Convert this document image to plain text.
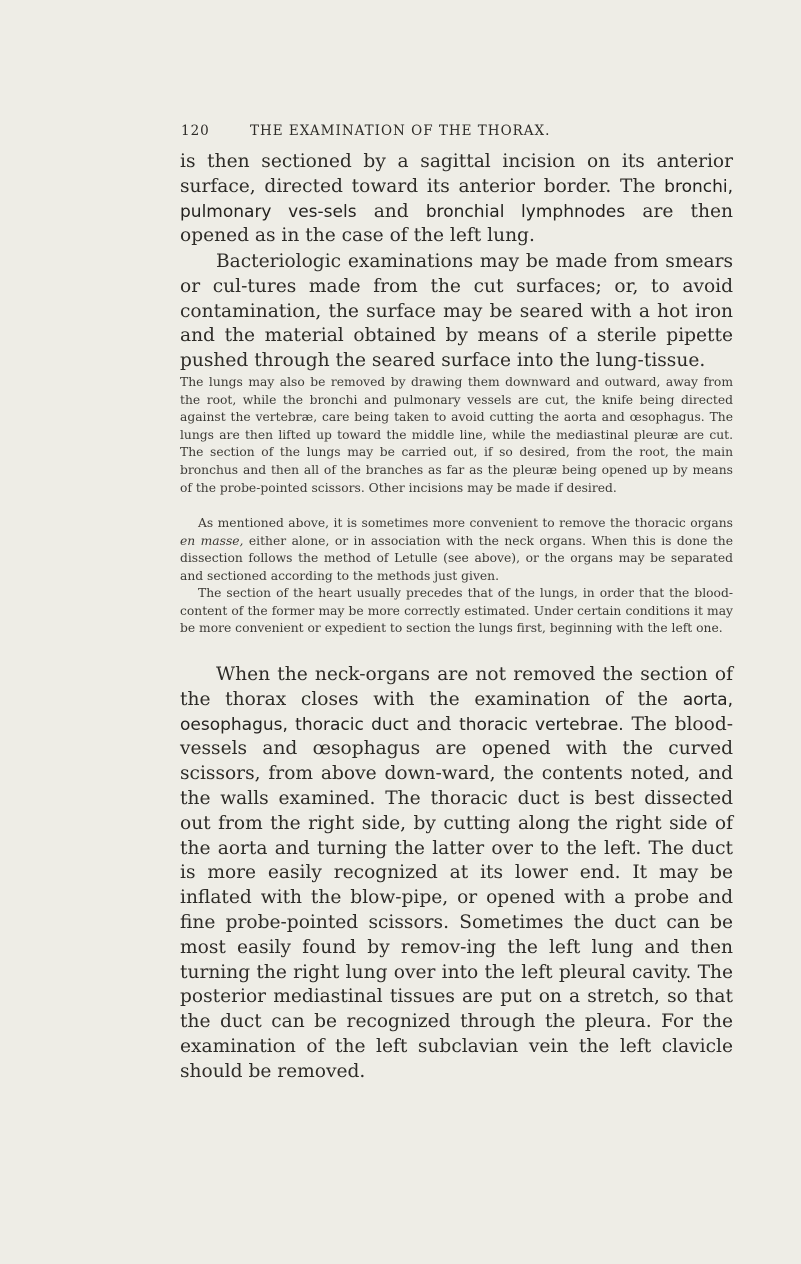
120	THE EXAMINATION OF THE THORAX.

is then sectioned by a sagittal incision on its anterior surface, directed toward its anterior border. The bronchi, pulmonary ves-sels and bronchial lymphnodes are then opened as in the case of the left lung.

Bacteriologic examinations may be made from smears or cul-tures made from the cut surfaces; or, to avoid contamination, the surface may be seared with a hot iron and the material obtained by means of a sterile pipette pushed through the seared surface into the lung-tissue.

The lungs may also be removed by drawing them downward and outward, away from the root, while the bronchi and pulmonary vessels are cut, the knife being directed against the vertebræ, care being taken to avoid cutting the aorta and œsophagus. The lungs are then lifted up toward the middle line, while the mediastinal pleuræ are cut. The section of the lungs may be carried out, if so desired, from the root, the main bronchus and then all of the branches as far as the pleuræ being opened up by means of the probe-pointed scissors. Other incisions may be made if desired.

As mentioned above, it is sometimes more convenient to remove the thoracic organs en masse, either alone, or in association with the neck organs. When this is done the dissection follows the method of Letulle (see above), or the organs may be separated and sectioned according to the methods just given.

The section of the heart usually precedes that of the lungs, in order that the blood-content of the former may be more correctly estimated. Under certain conditions it may be more convenient or expedient to section the lungs first, beginning with the left one.

When the neck-organs are not removed the section of the thorax closes with the examination of the aorta, oesophagus, thoracic duct and thoracic vertebrae. The blood-vessels and œsophagus are opened with the curved scissors, from above down-ward, the contents noted, and the walls examined. The thoracic duct is best dissected out from the right side, by cutting along the right side of the aorta and turning the latter over to the left. The duct is more easily recognized at its lower end. It may be inflated with the blow-pipe, or opened with a probe and fine probe-pointed scissors. Sometimes the duct can be most easily found by remov-ing the left lung and then turning the right lung over into the left pleural cavity. The posterior mediastinal tissues are put on a stretch, so that the duct can be recognized through the pleura. For the examination of the left subclavian vein the left clavicle should be removed.
